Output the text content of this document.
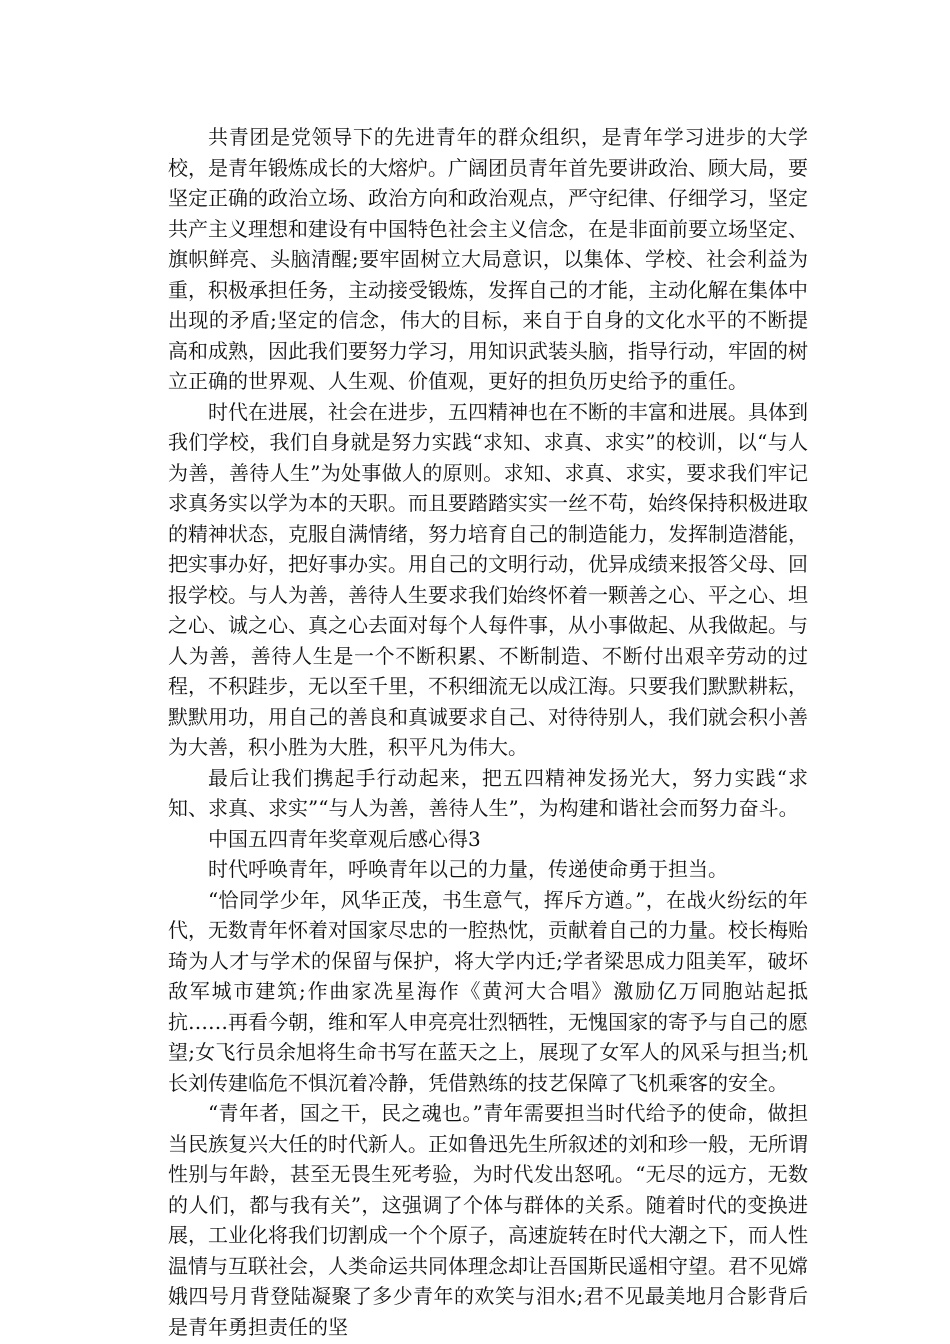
共青团是党领导下的先进青年的群众组织，是青年学习进步的大学校，是青年锻炼成长的大熔炉。广阔团员青年首先要讲政治、顾大局，要坚定正确的政治立场、政治方向和政治观点，严守纪律、仔细学习，坚定共产主义理想和建设有中国特色社会主义信念，在是非面前要立场坚定、旗帜鲜亮、头脑清醒;要牢固树立大局意识，以集体、学校、社会利益为重，积极承担任务，主动接受锻炼，发挥自己的才能，主动化解在集体中出现的矛盾;坚定的信念，伟大的目标，来自于自身的文化水平的不断提高和成熟，因此我们要努力学习，用知识武装头脑，指导行动，牢固的树立正确的世界观、人生观、价值观，更好的担负历史给予的重任。

时代在进展，社会在进步，五四精神也在不断的丰富和进展。具体到我们学校，我们自身就是努力实践“求知、求真、求实”的校训，以“与人为善，善待人生”为处事做人的原则。求知、求真、求实，要求我们牢记求真务实以学为本的天职。而且要踏踏实实一丝不苟，始终保持积极进取的精神状态，克服自满情绪，努力培育自己的制造能力，发挥制造潜能，把实事办好，把好事办实。用自己的文明行动，优异成绩来报答父母、回报学校。与人为善，善待人生要求我们始终怀着一颗善之心、平之心、坦之心、诚之心、真之心去面对每个人每件事，从小事做起、从我做起。与人为善，善待人生是一个不断积累、不断制造、不断付出艰辛劳动的过程，不积跬步，无以至千里，不积细流无以成江海。只要我们默默耕耘，默默用功，用自己的善良和真诚要求自己、对待待别人，我们就会积小善为大善，积小胜为大胜，积平凡为伟大。

最后让我们携起手行动起来，把五四精神发扬光大，努力实践“求知、求真、求实”“与人为善，善待人生”，为构建和谐社会而努力奋斗。

中国五四青年奖章观后感心得3

时代呼唤青年，呼唤青年以己的力量，传递使命勇于担当。

“恰同学少年，风华正茂，书生意气，挥斥方遒。”，在战火纷纭的年代，无数青年怀着对国家尽忠的一腔热忱，贡献着自己的力量。校长梅贻琦为人才与学术的保留与保护，将大学内迁;学者梁思成力阻美军，破坏敌军城市建筑;作曲家冼星海作《黄河大合唱》激励亿万同胞站起抵抗……再看今朝，维和军人申亮亮壮烈牺牲，无愧国家的寄予与自己的愿望;女飞行员余旭将生命书写在蓝天之上，展现了女军人的风采与担当;机长刘传建临危不惧沉着冷静，凭借熟练的技艺保障了飞机乘客的安全。

“青年者，国之干，民之魂也。”青年需要担当时代给予的使命，做担当民族复兴大任的时代新人。正如鲁迅先生所叙述的刘和珍一般，无所谓性别与年龄，甚至无畏生死考验，为时代发出怒吼。“无尽的远方，无数的人们，都与我有关”，这强调了个体与群体的关系。随着时代的变换进展，工业化将我们切割成一个个原子，高速旋转在时代大潮之下，而人性温情与互联社会，人类命运共同体理念却让吾国斯民遥相守望。君不见嫦娥四号月背登陆凝聚了多少青年的欢笑与泪水;君不见最美地月合影背后是青年勇担责任的坚
